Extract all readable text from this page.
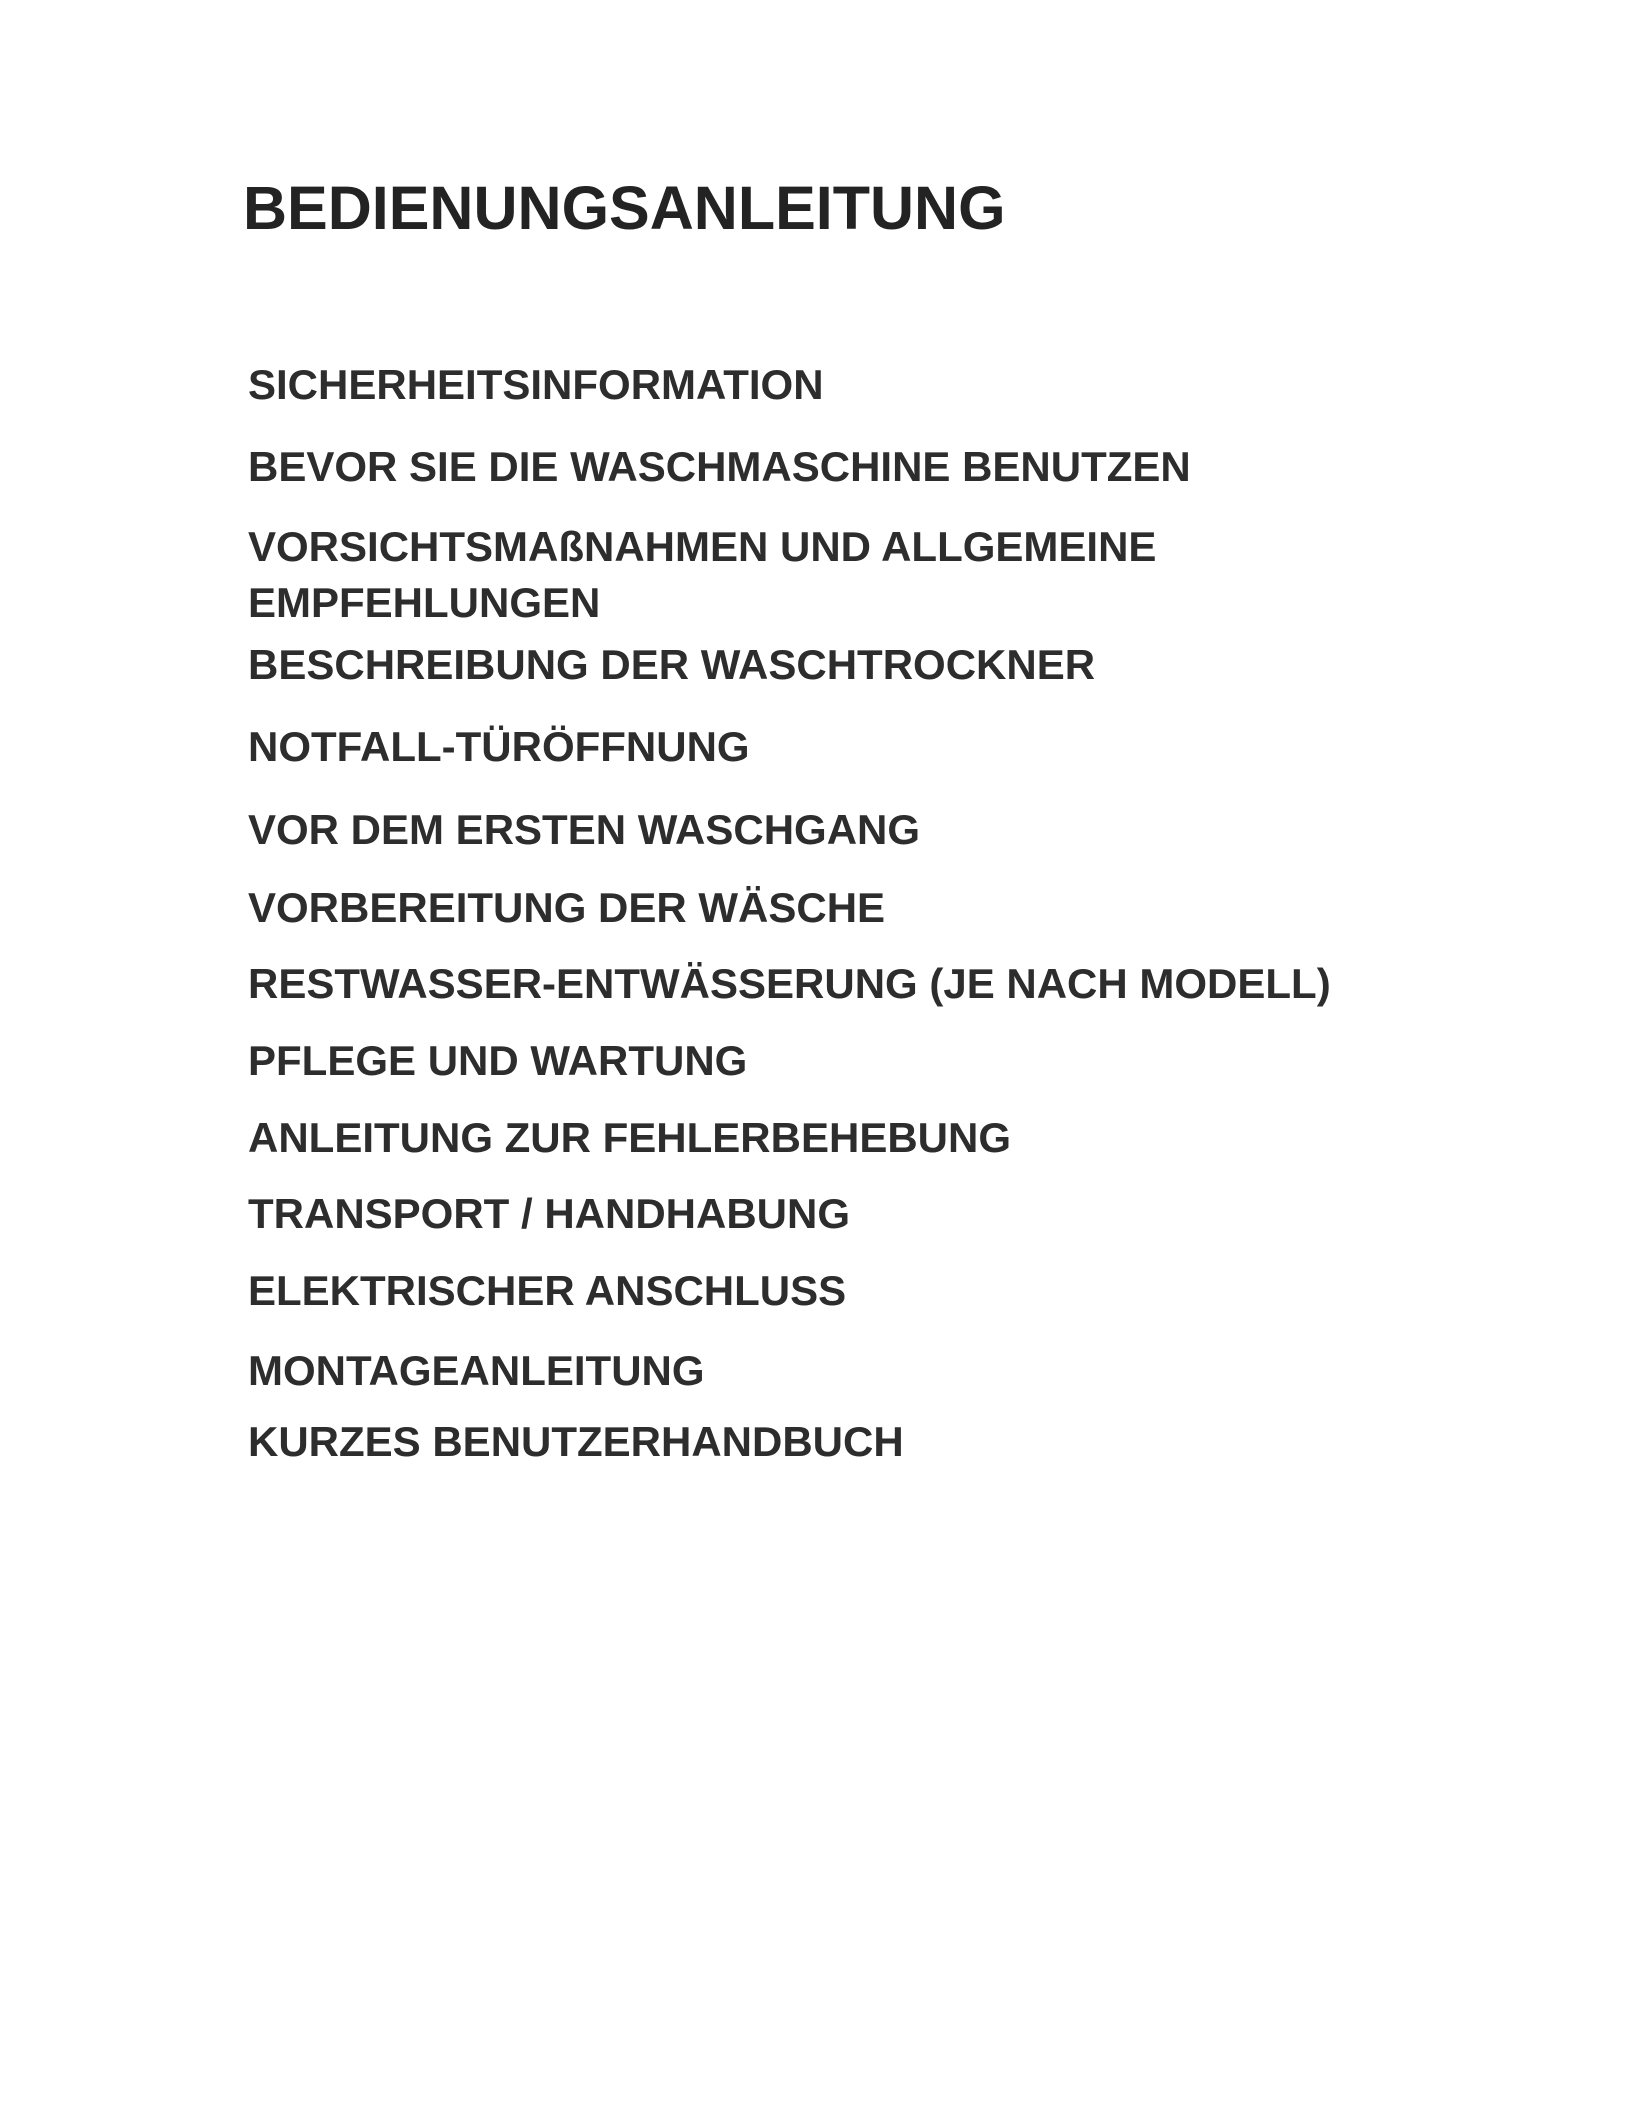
BEDIENUNGSANLEITUNG
SICHERHEITSINFORMATION
BEVOR SIE DIE WASCHMASCHINE BENUTZEN
VORSICHTSMAßNAHMEN UND ALLGEMEINE EMPFEHLUNGEN
BESCHREIBUNG DER WASCHTROCKNER
NOTFALL-TÜRÖFFNUNG
VOR DEM ERSTEN WASCHGANG
VORBEREITUNG DER WÄSCHE
RESTWASSER-ENTWÄSSERUNG (JE NACH MODELL)
PFLEGE UND WARTUNG
ANLEITUNG ZUR FEHLERBEHEBUNG
TRANSPORT / HANDHABUNG
ELEKTRISCHER ANSCHLUSS
MONTAGEANLEITUNG
KURZES BENUTZERHANDBUCH
